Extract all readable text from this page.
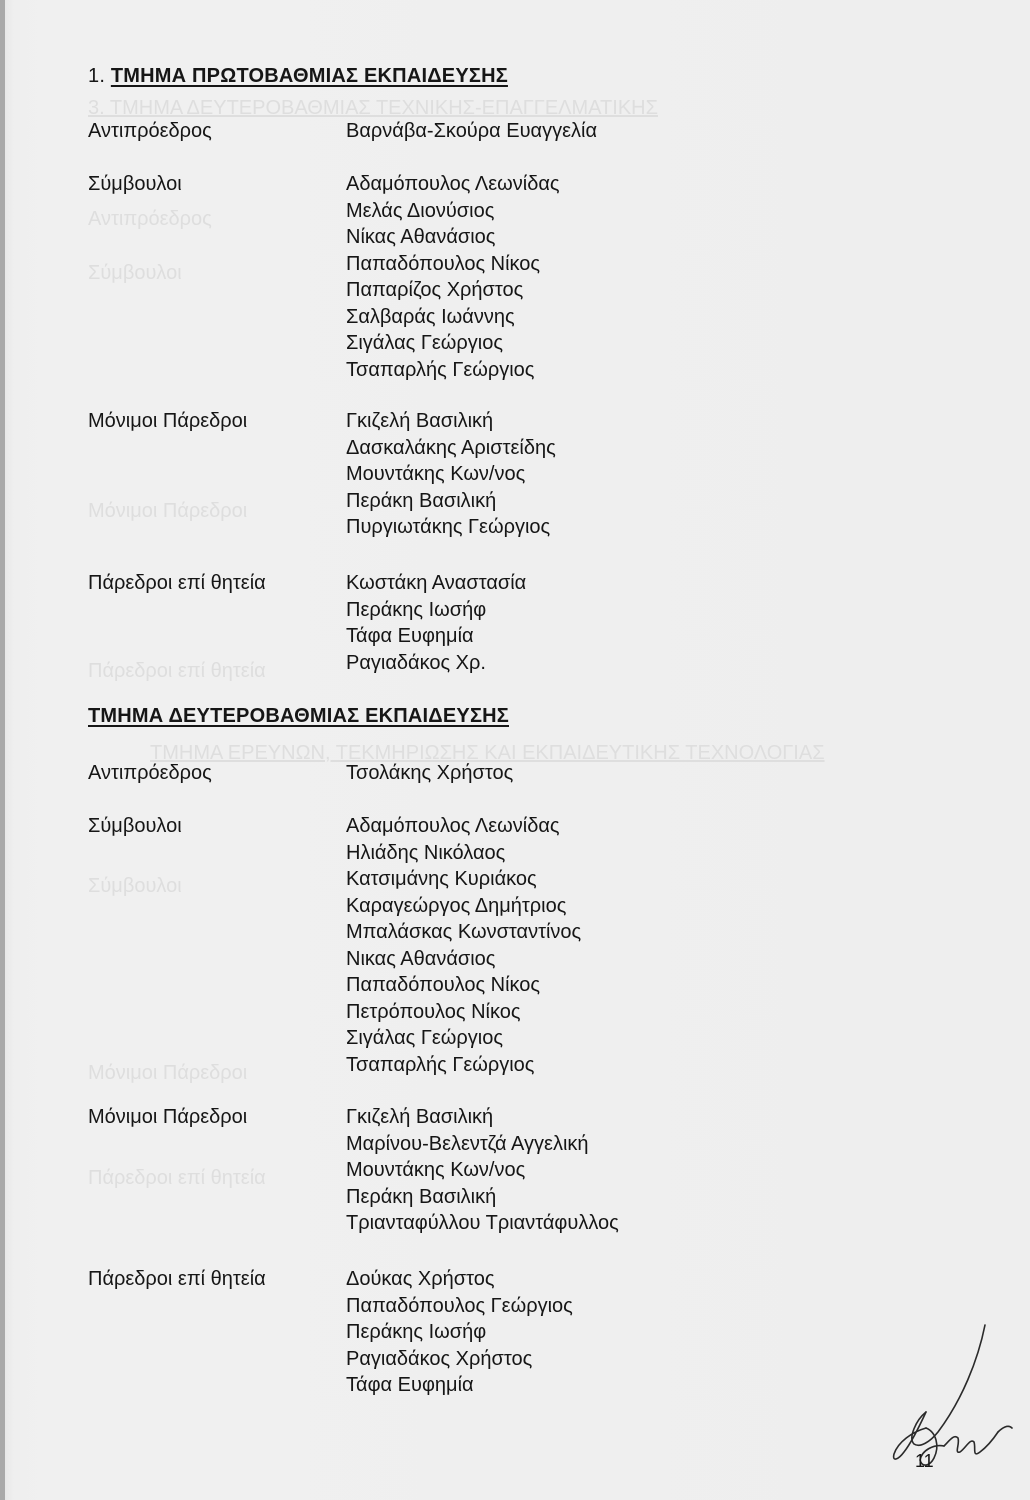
3. ΤΜΗΜΑ ΔΕΥΤΕΡΟΒΑΘΜΙΑΣ ΤΕΧΝΙΚΗΣ-ΕΠΑΓΓΕΛΜΑΤΙΚΗΣ
Αντιπρόεδρος
Σύμβουλοι
Μόνιμοι Πάρεδροι
Πάρεδροι επί θητεία
ΤΜΗΜΑ ΕΡΕΥΝΩΝ, ΤΕΚΜΗΡΙΩΣΗΣ ΚΑΙ ΕΚΠΑΙΔΕΥΤΙΚΗΣ ΤΕΧΝΟΛΟΓΙΑΣ
Σύμβουλοι
Μόνιμοι Πάρεδροι
Πάρεδροι επί θητεία
1. ΤΜΗΜΑ ΠΡΩΤΟΒΑΘΜΙΑΣ ΕΚΠΑΙΔΕΥΣΗΣ
Αντιπρόεδρος	Βαρνάβα-Σκούρα Ευαγγελία
Σύμβουλοι	Αδαμόπουλος Λεωνίδας
Μελάς Διονύσιος
Νίκας Αθανάσιος
Παπαδόπουλος Νίκος
Παπαρίζος Χρήστος
Σαλβαράς Ιωάννης
Σιγάλας Γεώργιος
Τσαπαρλής Γεώργιος
Μόνιμοι Πάρεδροι	Γκιζελή Βασιλική
Δασκαλάκης Αριστείδης
Μουντάκης Κων/νος
Περάκη Βασιλική
Πυργιωτάκης Γεώργιος
Πάρεδροι επί θητεία	Κωστάκη Αναστασία
Περάκης Ιωσήφ
Τάφα Ευφημία
Ραγιαδάκος Χρ.
ΤΜΗΜΑ ΔΕΥΤΕΡΟΒΑΘΜΙΑΣ ΕΚΠΑΙΔΕΥΣΗΣ
Αντιπρόεδρος	Τσολάκης Χρήστος
Σύμβουλοι	Αδαμόπουλος Λεωνίδας
Ηλιάδης Νικόλαος
Κατσιμάνης Κυριάκος
Καραγεώργος Δημήτριος
Μπαλάσκας Κωνσταντίνος
Νικας Αθανάσιος
Παπαδόπουλος Νίκος
Πετρόπουλος Νίκος
Σιγάλας Γεώργιος
Τσαπαρλής Γεώργιος
Μόνιμοι Πάρεδροι	Γκιζελή Βασιλική
Μαρίνου-Βελεντζά Αγγελική
Μουντάκης Κων/νος
Περάκη Βασιλική
Τριανταφύλλου Τριαντάφυλλος
Πάρεδροι επί θητεία	Δούκας Χρήστος
Παπαδόπουλος Γεώργιος
Περάκης Ιωσήφ
Ραγιαδάκος Χρήστος
Τάφα Ευφημία
11
